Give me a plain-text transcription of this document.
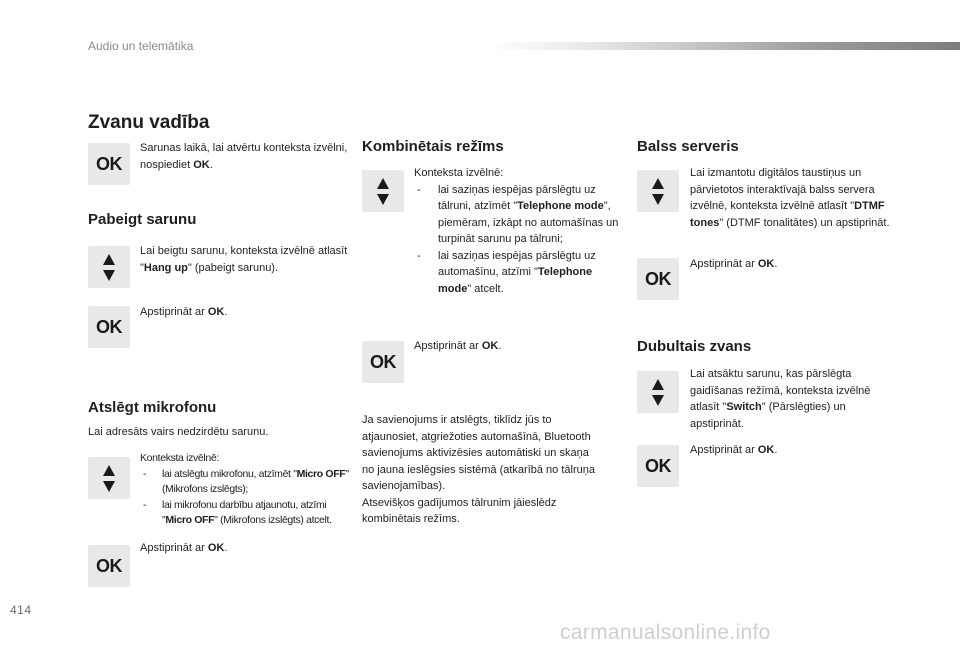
Audio un telemātika
Zvanu vadība
OK
Sarunas laikā, lai atvērtu konteksta izvēlni, nospiediet OK.
Pabeigt sarunu
Lai beigtu sarunu, konteksta izvēlnē atlasīt "Hang up" (pabeigt sarunu).
OK
Apstiprināt ar OK.
Atslēgt mikrofonu
Lai adresāts vairs nedzirdētu sarunu.
Konteksta izvēlnē:
- lai atslēgtu mikrofonu, atzīmēt "Micro OFF" (Mikrofons izslēgts);
- lai mikrofonu darbību atjaunotu, atzīmi "Micro OFF" (Mikrofons izslēgts) atcelt.
OK
Apstiprināt ar OK.
Kombinētais režīms
Konteksta izvēlnē:
- lai saziņas iespējas pārslēgtu uz tālruni, atzīmēt "Telephone mode", piemēram, izkāpt no automašīnas un turpināt sarunu pa tālruni;
- lai saziņas iespējas pārslēgtu uz automašīnu, atzīmi "Telephone mode" atcelt.
OK
Apstiprināt ar OK.
Ja savienojums ir atslēgts, tiklīdz jūs to atjaunosiet, atgriežoties automašīnā, Bluetooth savienojums aktivizēsies automātiski un skaņa no jauna ieslēgsies sistēmā (atkarībā no tālruņa savienojamības).
Atsevišķos gadījumos tālrunim jāieslēdz kombinētais režīms.
Balss serveris
Lai izmantotu digitālos taustiņus un pārvietotos interaktīvajā balss servera izvēlnē, konteksta izvēlnē atlasīt "DTMF tones" (DTMF tonalitātes) un apstiprināt.
OK
Apstiprināt ar OK.
Dubultais zvans
Lai atsāktu sarunu, kas pārslēgta gaidīšanas režīmā, konteksta izvēlnē atlasīt "Switch" (Pārslēgties) un apstiprināt.
OK
Apstiprināt ar OK.
414
carmanualsonline.info
